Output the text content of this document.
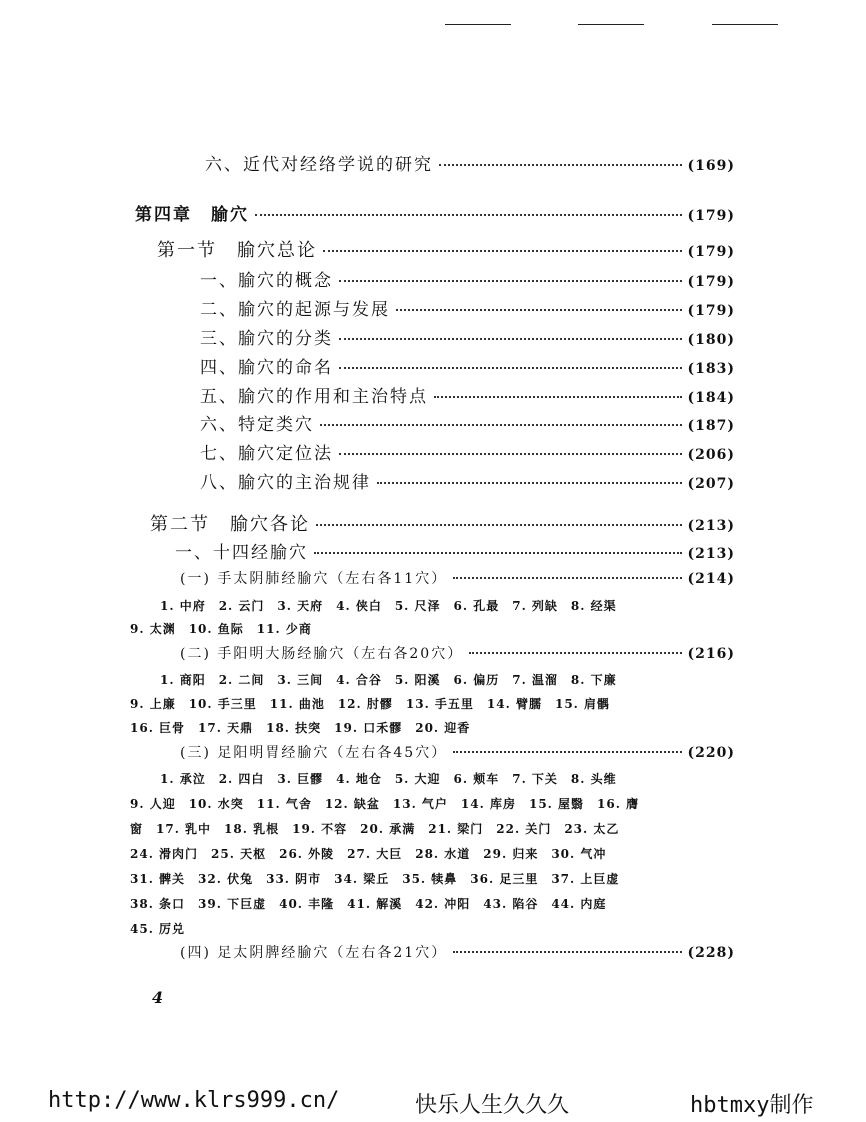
六、近代对经络学说的研究	(169)
第四章　腧穴	(179)
第一节　腧穴总论	(179)
一、腧穴的概念	(179)
二、腧穴的起源与发展	(179)
三、腧穴的分类	(180)
四、腧穴的命名	(183)
五、腧穴的作用和主治特点	(184)
六、特定类穴	(187)
七、腧穴定位法	(206)
八、腧穴的主治规律	(207)
第二节　腧穴各论	(213)
一、十四经腧穴	(213)
(一) 手太阴肺经腧穴（左右各11穴）	(214)
1. 中府　2. 云门　3. 天府　4. 侠白　5. 尺泽　6. 孔最　7. 列缺　8. 经渠
9. 太渊　10. 鱼际　11. 少商
(二) 手阳明大肠经腧穴（左右各20穴）	(216)
1. 商阳　2. 二间　3. 三间　4. 合谷　5. 阳溪　6. 偏历　7. 温溜　8. 下廉
9. 上廉　10. 手三里　11. 曲池　12. 肘髎　13. 手五里　14. 臂臑　15. 肩髃
16. 巨骨　17. 天鼎　18. 扶突　19. 口禾髎　20. 迎香
(三) 足阳明胃经腧穴（左右各45穴）	(220)
1. 承泣　2. 四白　3. 巨髎　4. 地仓　5. 大迎　6. 颊车　7. 下关　8. 头维
9. 人迎　10. 水突　11. 气舍　12. 缺盆　13. 气户　14. 库房　15. 屋翳　16. 膺
窗　17. 乳中　18. 乳根　19. 不容　20. 承满　21. 梁门　22. 关门　23. 太乙
24. 滑肉门　25. 天枢　26. 外陵　27. 大巨　28. 水道　29. 归来　30. 气冲
31. 髀关　32. 伏兔　33. 阴市　34. 梁丘　35. 犊鼻　36. 足三里　37. 上巨虚
38. 条口　39. 下巨虚　40. 丰隆　41. 解溪　42. 冲阳　43. 陷谷　44. 内庭
45. 厉兑
(四) 足太阴脾经腧穴（左右各21穴）	(228)
4
http://www.klrs999.cn/	快乐人生久久久	hbtmxy制作
